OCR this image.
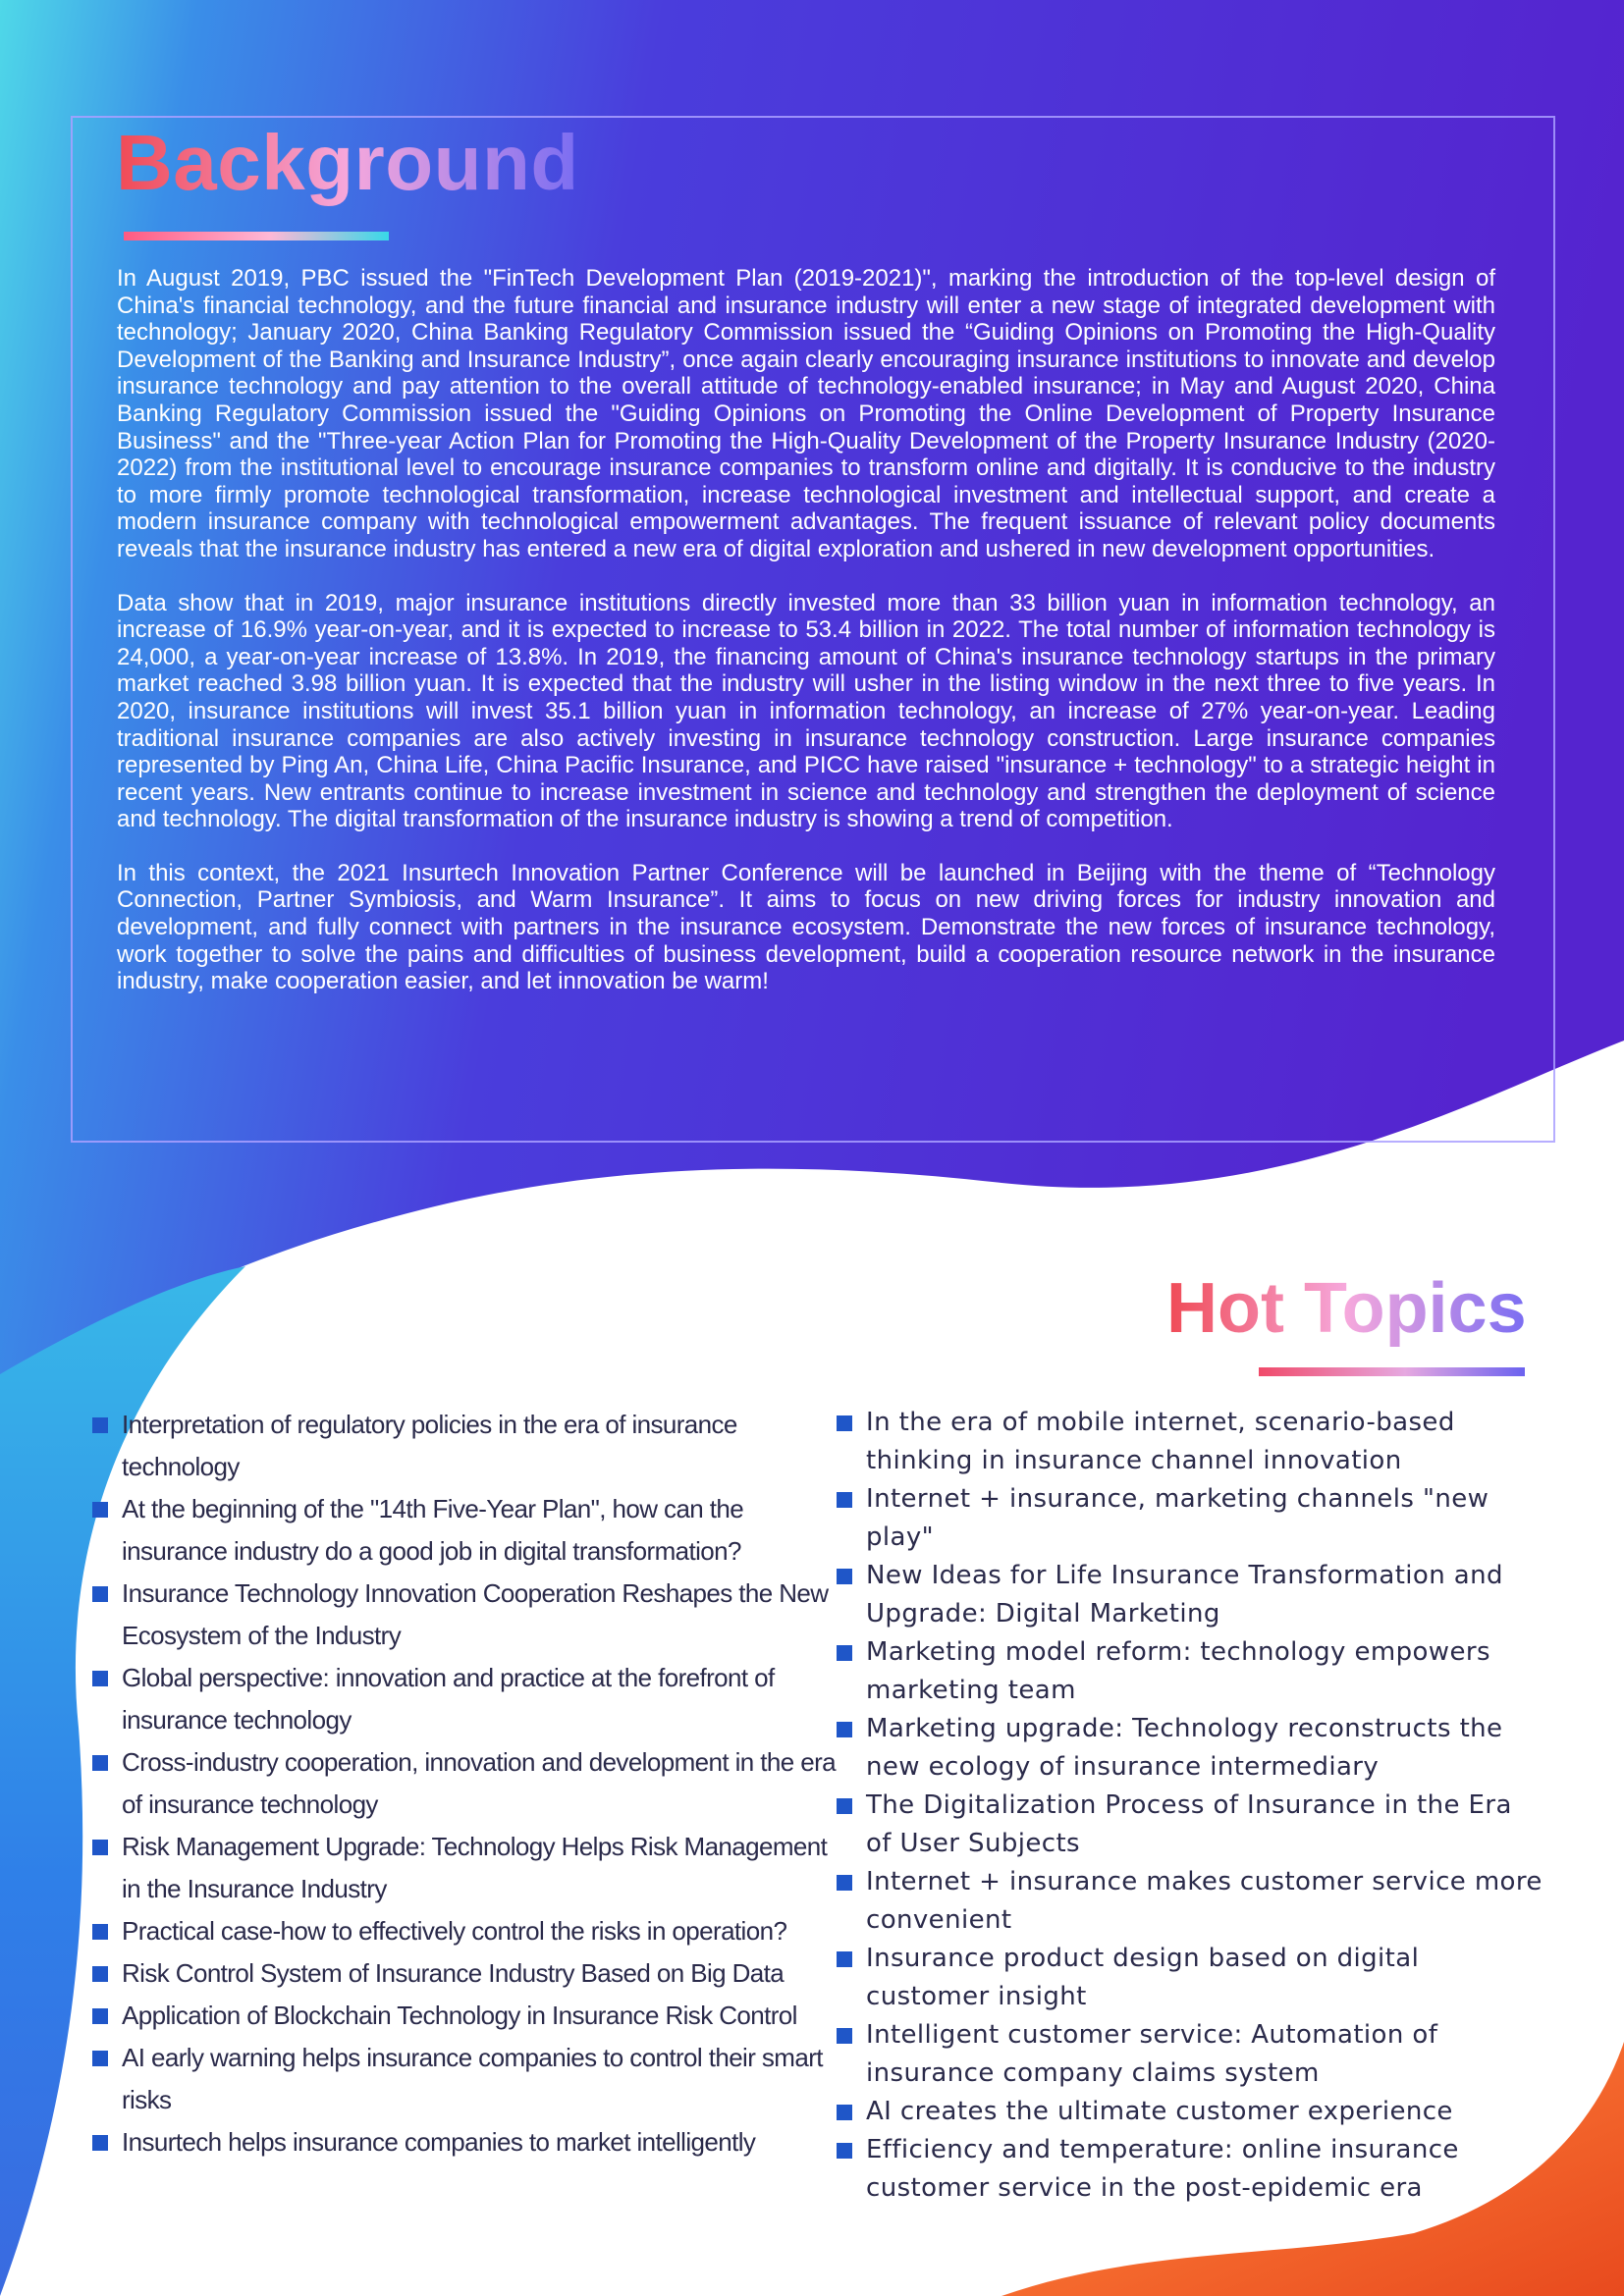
Background

In August 2019, PBC issued the "FinTech Development Plan (2019-2021)", marking the introduction of the top-level design of China's financial technology, and the future financial and insurance industry will enter a new stage of integrated development with technology; January 2020, China Banking Regulatory Commission issued the “Guiding Opinions on Promoting the High-Quality Development of the Banking and Insurance Industry”, once again clearly encouraging insurance institutions to innovate and develop insurance technology and pay attention to the overall attitude of technology-enabled insurance; in May and August 2020, China Banking Regulatory Commission issued the "Guiding Opinions on Promoting the Online Development of Property Insurance Business" and the "Three-year Action Plan for Promoting the High-Quality Development of the Property Insurance Industry (2020-2022) from the institutional level to encourage insurance companies to transform online and digitally. It is conducive to the industry to more firmly promote technological transformation, increase technological investment and intellectual support, and create a modern insurance company with technological empowerment advantages. The frequent issuance of relevant policy documents reveals that the insurance industry has entered a new era of digital exploration and ushered in new development opportunities.

Data show that in 2019, major insurance institutions directly invested more than 33 billion yuan in information technology, an increase of 16.9% year-on-year, and it is expected to increase to 53.4 billion in 2022. The total number of information technology is 24,000, a year-on-year increase of 13.8%. In 2019, the financing amount of China's insurance technology startups in the primary market reached 3.98 billion yuan. It is expected that the industry will usher in the listing window in the next three to five years. In 2020, insurance institutions will invest 35.1 billion yuan in information technology, an increase of 27% year-on-year. Leading traditional insurance companies are also actively investing in insurance technology construction. Large insurance companies represented by Ping An, China Life, China Pacific Insurance, and PICC have raised "insurance + technology" to a strategic height in recent years. New entrants continue to increase investment in science and technology and strengthen the deployment of science and technology. The digital transformation of the insurance industry is showing a trend of competition.

In this context, the 2021 Insurtech Innovation Partner Conference will be launched in Beijing with the theme of “Technology Connection, Partner Symbiosis, and Warm Insurance”. It aims to focus on new driving forces for industry innovation and development, and fully connect with partners in the insurance ecosystem. Demonstrate the new forces of insurance technology, work together to solve the pains and difficulties of business development, build a cooperation resource network in the insurance industry, make cooperation easier, and let innovation be warm!

Hot Topics
Interpretation of regulatory policies in the era of insurance technology
At the beginning of the "14th Five-Year Plan", how can the insurance industry do a good job in digital transformation?
Insurance Technology Innovation Cooperation Reshapes the New Ecosystem of the Industry
Global perspective: innovation and practice at the forefront of insurance technology
Cross-industry cooperation, innovation and development in the era of insurance technology
Risk Management Upgrade: Technology Helps Risk Management in the Insurance Industry
Practical case-how to effectively control the risks in operation?
Risk Control System of Insurance Industry Based on Big Data
Application of Blockchain Technology in Insurance Risk Control
AI early warning helps insurance companies to control their smart risks
Insurtech helps insurance companies to market intelligently
In the era of mobile internet, scenario-based thinking in insurance channel innovation
Internet + insurance, marketing channels "new play"
New Ideas for Life Insurance Transformation and Upgrade: Digital Marketing
Marketing model reform: technology empowers marketing team
Marketing upgrade: Technology reconstructs the new ecology of insurance intermediary
The Digitalization Process of Insurance in the Era of User Subjects
Internet + insurance makes customer service more convenient
Insurance product design based on digital customer insight
Intelligent customer service: Automation of insurance company claims system
AI creates the ultimate customer experience
Efficiency and temperature: online insurance customer service in the post-epidemic era
